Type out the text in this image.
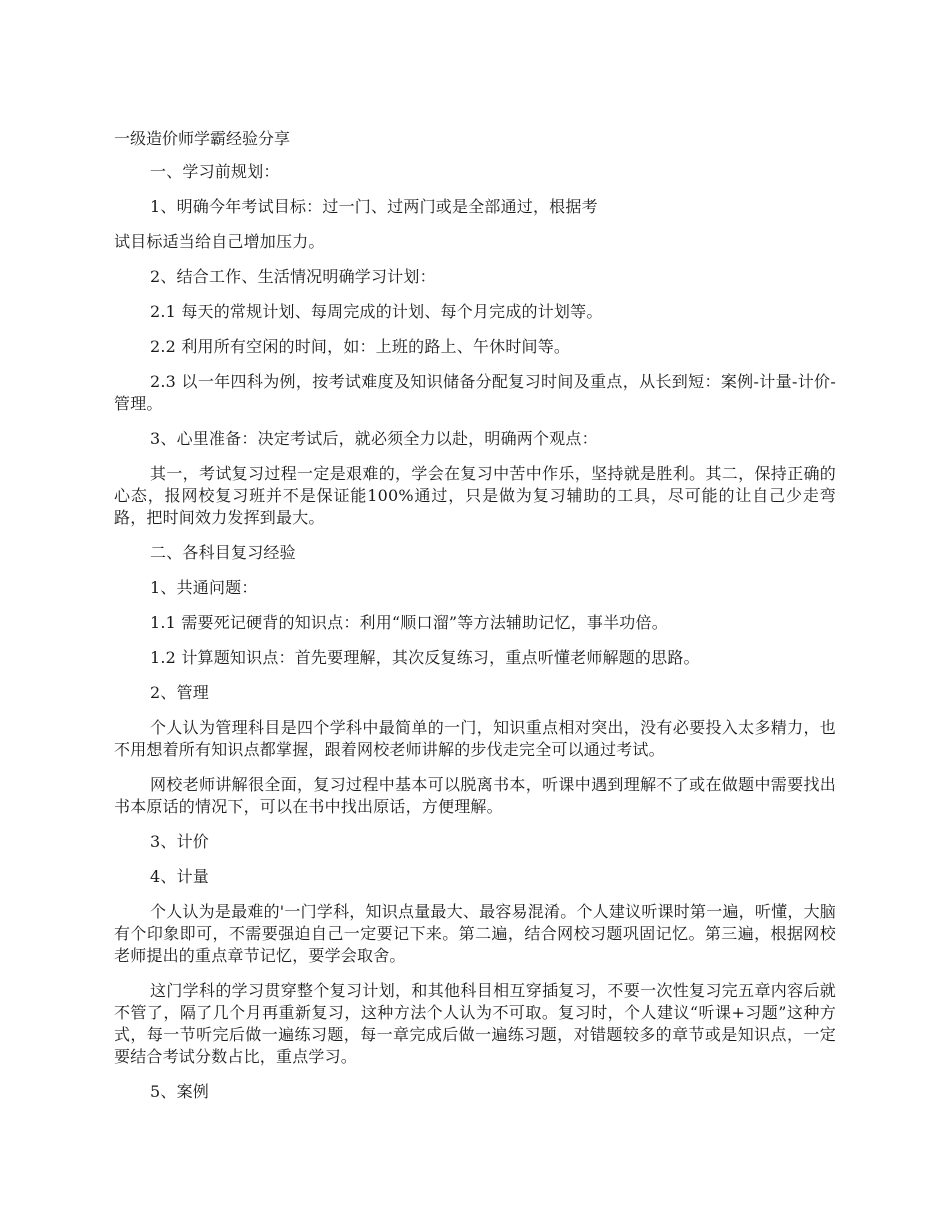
一级造价师学霸经验分享

一、学习前规划：

1、明确今年考试目标：过一门、过两门或是全部通过，根据考

试目标适当给自己增加压力。

2、结合工作、生活情况明确学习计划：

2.1 每天的常规计划、每周完成的计划、每个月完成的计划等。

2.2 利用所有空闲的时间，如：上班的路上、午休时间等。

2.3 以一年四科为例，按考试难度及知识储备分配复习时间及重点，从长到短：案例-计量-计价-管理。

3、心里准备：决定考试后，就必须全力以赴，明确两个观点：

其一，考试复习过程一定是艰难的，学会在复习中苦中作乐，坚持就是胜利。其二，保持正确的心态，报网校复习班并不是保证能100%通过，只是做为复习辅助的工具，尽可能的让自己少走弯路，把时间效力发挥到最大。

二、各科目复习经验

1、共通问题：

1.1 需要死记硬背的知识点：利用“顺口溜”等方法辅助记忆，事半功倍。

1.2 计算题知识点：首先要理解，其次反复练习，重点听懂老师解题的思路。

2、管理

个人认为管理科目是四个学科中最简单的一门，知识重点相对突出，没有必要投入太多精力，也不用想着所有知识点都掌握，跟着网校老师讲解的步伐走完全可以通过考试。

网校老师讲解很全面，复习过程中基本可以脱离书本，听课中遇到理解不了或在做题中需要找出书本原话的情况下，可以在书中找出原话，方便理解。

3、计价

4、计量

个人认为是最难的'一门学科，知识点量最大、最容易混淆。个人建议听课时第一遍，听懂，大脑有个印象即可，不需要强迫自己一定要记下来。第二遍，结合网校习题巩固记忆。第三遍，根据网校老师提出的重点章节记忆，要学会取舍。

这门学科的学习贯穿整个复习计划，和其他科目相互穿插复习，不要一次性复习完五章内容后就不管了，隔了几个月再重新复习，这种方法个人认为不可取。复习时，个人建议“听课+习题”这种方式，每一节听完后做一遍练习题，每一章完成后做一遍练习题，对错题较多的章节或是知识点，一定要结合考试分数占比，重点学习。

5、案例
